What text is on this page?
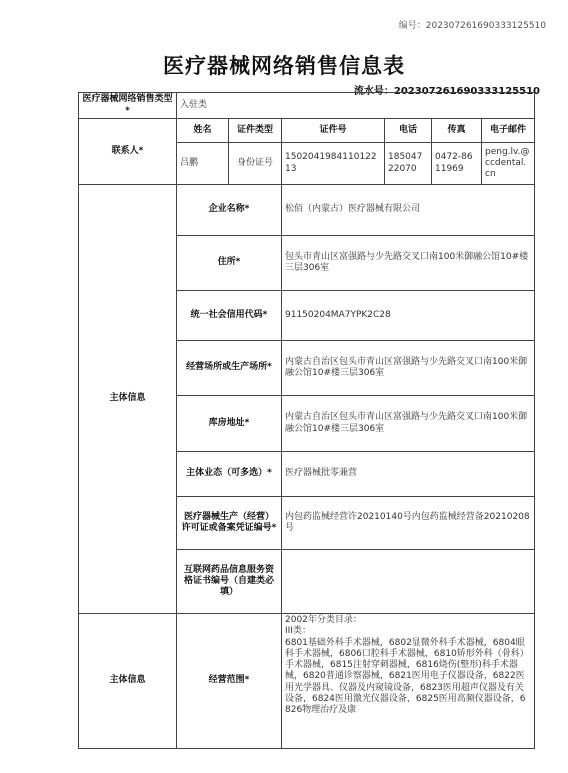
编号：20230726169033312551​0
医疗器械网络销售信息表
流水号：20230726169033312551​0
医疗器械网络销售类型*	入驻类					
联系人*	姓名	证件类型	证件号	电话	传真	电子邮件
	吕鹏	身份证号	150204198411012213	18504722070	0472-8611969	peng.lv.@ccdental.cn
主体信息	企业名称*		松佰（内蒙古）医疗器械有限公司			
	住所*		包头市青山区富强路与少先路交叉口南100米御融公馆10#楼三层306室			
	统一社会信用代码*		91150204MA7YPK2C28			
	经营场所或生产场所*		内蒙古自治区包头市青山区富强路与少先路交叉口南100米御融公馆10#楼三层306室			
	库房地址*		内蒙古自治区包头市青山区富强路与少先路交叉口南100米御融公馆10#楼三层306室			
	主体业态（可多选）*		医疗器械批零兼营			
	医疗器械生产（经营）许可证或备案凭证编号*		内包药监械经营许20210140号内包药监械经营备20210208号			
	互联网药品信息服务资格证书编号（自建类必填）					
主体信息	经营范围*		2002年分类目录：
III类：
6801基础外科手术器械，6802显微外科手术器械，6804眼科手术器械，6806口腔科手术器械，6810矫形外科（骨科）手术器械，6815注射穿刺器械，6816烧伤(整形)科手术器械，6820普通诊察器械，6821医用电子仪器设备，6822医用光学器具、仪器及内窥镜设备，6823医用超声仪器及有关设备，6824医用激光仪器设备，6825医用高频仪器设备，6826物理治疗及康			
